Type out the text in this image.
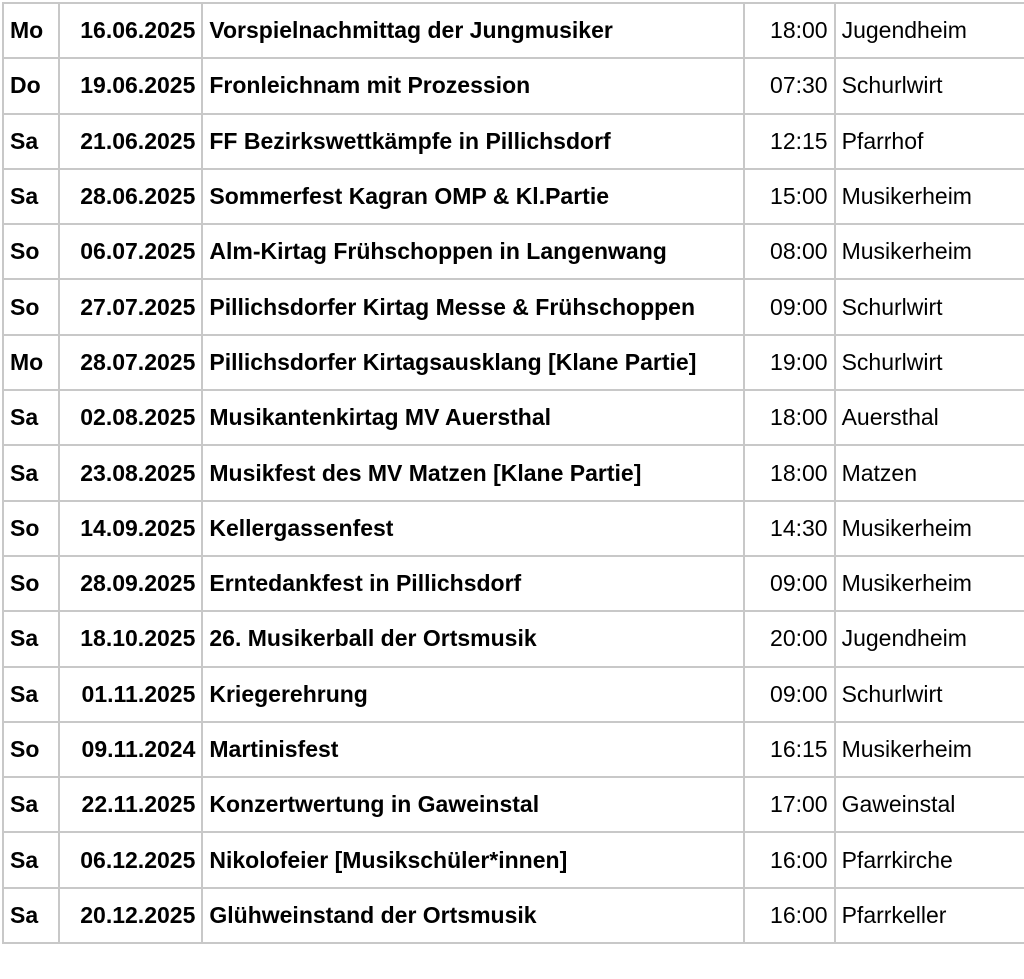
Mo	16.06.2025	Vorspielnachmittag der Jungmusiker	18:00	Jugendheim
Do	19.06.2025	Fronleichnam mit Prozession	07:30	Schurlwirt
Sa	21.06.2025	FF Bezirkswettkämpfe in Pillichsdorf	12:15	Pfarrhof
Sa	28.06.2025	Sommerfest Kagran OMP & Kl.Partie	15:00	Musikerheim
So	06.07.2025	Alm-Kirtag Frühschoppen in Langenwang	08:00	Musikerheim
So	27.07.2025	Pillichsdorfer Kirtag Messe & Frühschoppen	09:00	Schurlwirt
Mo	28.07.2025	Pillichsdorfer Kirtagsausklang [Klane Partie]	19:00	Schurlwirt
Sa	02.08.2025	Musikantenkirtag MV Auersthal	18:00	Auersthal
Sa	23.08.2025	Musikfest des MV Matzen [Klane Partie]	18:00	Matzen
So	14.09.2025	Kellergassenfest	14:30	Musikerheim
So	28.09.2025	Erntedankfest in Pillichsdorf	09:00	Musikerheim
Sa	18.10.2025	26. Musikerball der Ortsmusik	20:00	Jugendheim
Sa	01.11.2025	Kriegerehrung	09:00	Schurlwirt
So	09.11.2024	Martinisfest	16:15	Musikerheim
Sa	22.11.2025	Konzertwertung in Gaweinstal	17:00	Gaweinstal
Sa	06.12.2025	Nikolofeier [Musikschüler*innen]	16:00	Pfarrkirche
Sa	20.12.2025	Glühweinstand der Ortsmusik	16:00	Pfarrkeller
